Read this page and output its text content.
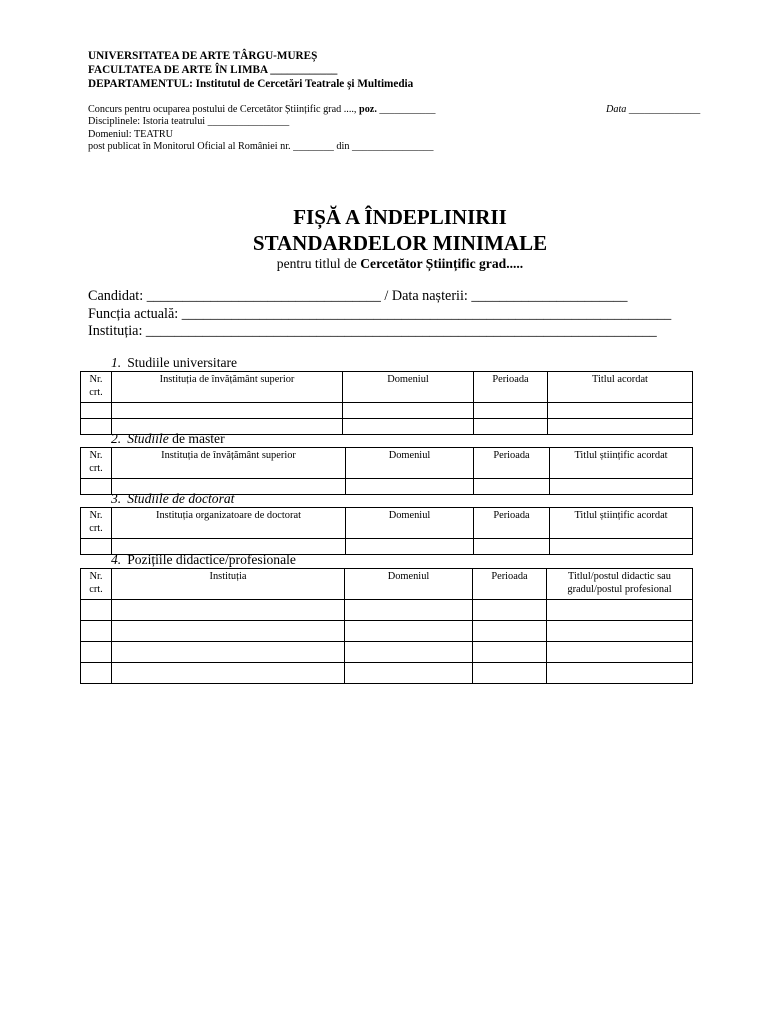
UNIVERSITATEA DE ARTE TÂRGU-MUREȘ
FACULTATEA DE ARTE ÎN LIMBA ____________
DEPARTAMENTUL: Institutul de Cercetări Teatrale și Multimedia
Concurs pentru ocuparea postului de Cercetător Științific grad ...., poz. ___________
Disciplinele: Istoria teatrului ________________
Domeniul: TEATRU
post publicat în Monitorul Oficial al României nr. ________ din ________________
Data ______________
FIȘĂ A ÎNDEPLINIRII
STANDARDELOR MINIMALE
pentru titlul de Cercetător Științific grad.....
Candidat: _________________________________ / Data nașterii: ______________________
Funcția actuală: _____________________________________________________________________
Instituția: ________________________________________________________________________
1. Studiile universitare
Nr. crt.	Instituția de învățământ superior	Domeniul	Perioada	Titlul acordat

2. Studiile de master
Nr. crt.	Instituția de învățământ superior	Domeniul	Perioada	Titlul științific acordat

3. Studiile de doctorat
Nr. crt.	Instituția organizatoare de doctorat	Domeniul	Perioada	Titlul științific acordat

4. Pozițiile didactice/profesionale
Nr. crt.	Instituția	Domeniul	Perioada	Titlul/postul didactic sau gradul/postul profesional
